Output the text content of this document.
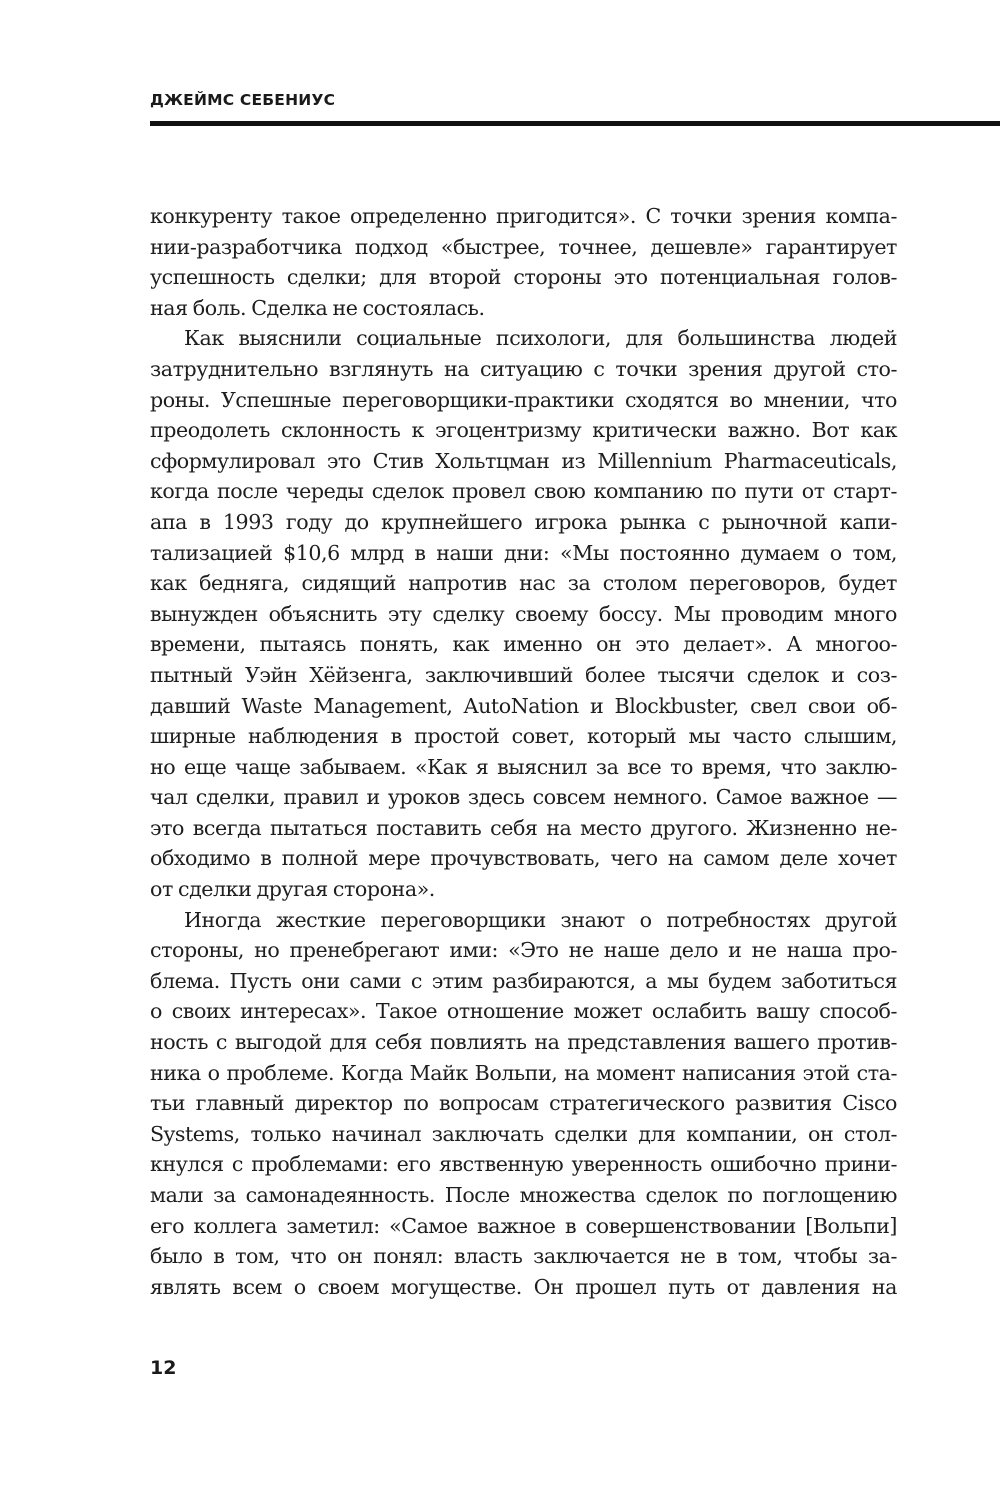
ДЖЕЙМС СЕБЕНИУС
конкуренту такое определенно пригодится». С точки зрения компа-
нии-разработчика подход «быстрее, точнее, дешевле» гарантирует
успешность сделки; для второй стороны это потенциальная голов-
ная боль. Сделка не состоялась.
Как выяснили социальные психологи, для большинства людей
затруднительно взглянуть на ситуацию с точки зрения другой сто-
роны. Успешные переговорщики-практики сходятся во мнении, что
преодолеть склонность к эгоцентризму критически важно. Вот как
сформулировал это Стив Хольтцман из Millennium Pharmaceuticals,
когда после череды сделок провел свою компанию по пути от старт-
апа в 1993 году до крупнейшего игрока рынка с рыночной капи-
тализацией $10,6 млрд в наши дни: «Мы постоянно думаем о том,
как бедняга, сидящий напротив нас за столом переговоров, будет
вынужден объяснить эту сделку своему боссу. Мы проводим много
времени, пытаясь понять, как именно он это делает». А многоо-
пытный Уэйн Хёйзенга, заключивший более тысячи сделок и соз-
давший Waste Management, AutoNation и Blockbuster, свел свои об-
ширные наблюдения в простой совет, который мы часто слышим,
но еще чаще забываем. «Как я выяснил за все то время, что заклю-
чал сделки, правил и уроков здесь совсем немного. Самое важное —
это всегда пытаться поставить себя на место другого. Жизненно не-
обходимо в полной мере прочувствовать, чего на самом деле хочет
от сделки другая сторона».
Иногда жесткие переговорщики знают о потребностях другой
стороны, но пренебрегают ими: «Это не наше дело и не наша про-
блема. Пусть они сами с этим разбираются, а мы будем заботиться
о своих интересах». Такое отношение может ослабить вашу способ-
ность с выгодой для себя повлиять на представления вашего против-
ника о проблеме. Когда Майк Вольпи, на момент написания этой ста-
тьи главный директор по вопросам стратегического развития Cisco
Systems, только начинал заключать сделки для компании, он стол-
кнулся с проблемами: его явственную уверенность ошибочно прини-
мали за самонадеянность. После множества сделок по поглощению
его коллега заметил: «Самое важное в совершенствовании [Вольпи]
было в том, что он понял: власть заключается не в том, чтобы за-
являть всем о своем могуществе. Он прошел путь от давления на
12
